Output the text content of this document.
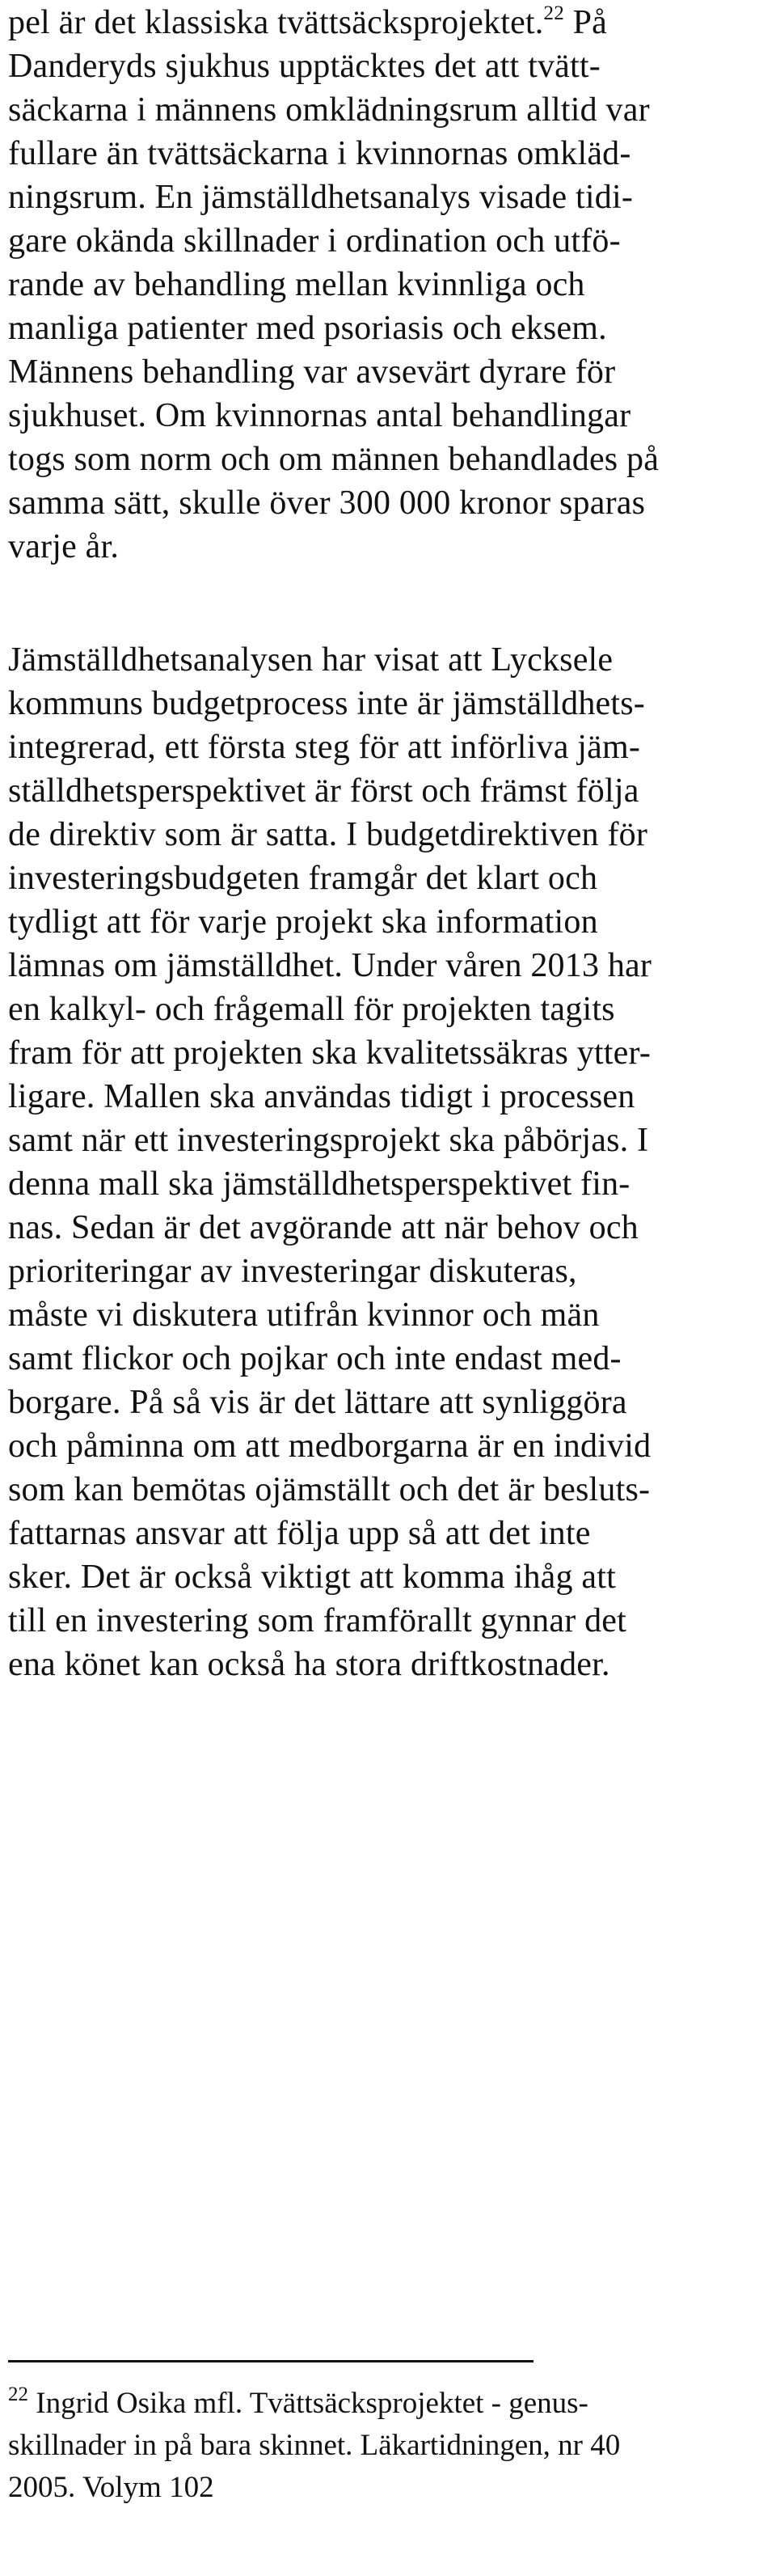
pel är det klassiska tvättsäcksprojektet.$^{22}$ På

Danderyds sjukhus upptäcktes det att tvätt-

säckarna i männens omklädningsrum alltid var

fullare än tvättsäckarna i kvinnornas omkläd-

ningsrum. En jämställdhetsanalys visade tidi-

gare okända skillnader i ordination och utfö-

rande av behandling mellan kvinnliga och

manliga patienter med psoriasis och eksem.

Männens behandling var avsevärt dyrare för

sjukhuset. Om kvinnornas antal behandlingar

togs som norm och om männen behandlades på

samma sätt, skulle över 300 000 kronor sparas

varje år.

Jämställdhetsanalysen har visat att Lycksele

kommuns budgetprocess inte är jämställdhets-

integrerad, ett första steg för att införliva jäm-

ställdhetsperspektivet är först och främst följa

de direktiv som är satta. I budgetdirektiven för

investeringsbudgeten framgår det klart och

tydligt att för varje projekt ska information

lämnas om jämställdhet. Under våren 2013 har

en kalkyl- och frågemall för projekten tagits

fram för att projekten ska kvalitetssäkras ytter-

ligare. Mallen ska användas tidigt i processen

samt när ett investeringsprojekt ska påbörjas. I

denna mall ska jämställdhetsperspektivet fin-

nas. Sedan är det avgörande att när behov och

prioriteringar av investeringar diskuteras,

måste vi diskutera utifrån kvinnor och män

samt flickor och pojkar och inte endast med-

borgare. På så vis är det lättare att synliggöra

och påminna om att medborgarna är en individ

som kan bemötas ojämställt och det är besluts-

fattarnas ansvar att följa upp så att det inte

sker. Det är också viktigt att komma ihåg att

till en investering som framförallt gynnar det

ena könet kan också ha stora driftkostnader.

$^{22}$ Ingrid Osika mfl. Tvättsäcksprojektet - genus-

skillnader in på bara skinnet. Läkartidningen, nr 40

2005. Volym 102
